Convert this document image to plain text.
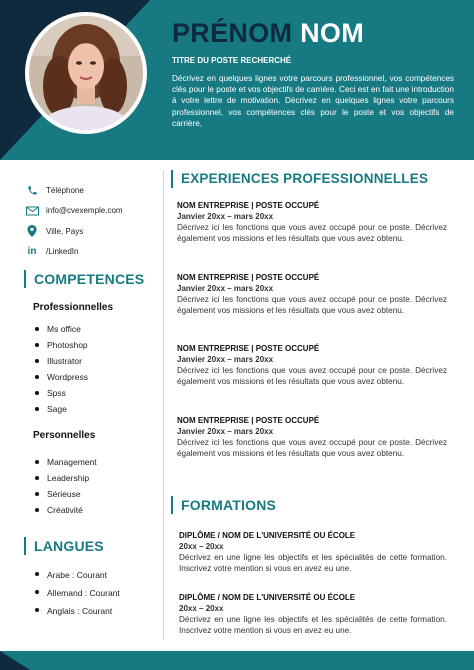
PRÉNOM NOM
TITRE DU POSTE RECHERCHÉ
Décrivez en quelques lignes votre parcours professionnel, vos compétences clés pour le poste et vos objectifs de carrière. Ceci est en fait une introduction à votre lettre de motivation. Décrivez en quelques lignes votre parcours professionnel, vos compétences clés pour le poste et vos objectifs de carrière,
Téléphone
info@cvexemple.com
Ville, Pays
in /LinkedIn
COMPETENCES
Professionnelles
Ms office
Photoshop
Illustrator
Wordpress
Spss
Sage
Personnelles
Management
Leadership
Sérieuse
Créativité
LANGUES
Arabe : Courant
Allemand : Courant
Anglais : Courant
EXPERIENCES PROFESSIONNELLES
NOM ENTREPRISE | POSTE OCCUPÉ
Janvier 20xx – mars 20xx
Décrivez ici les fonctions que vous avez occupé pour ce poste. Décrivez également vos missions et les résultats que vous avez obtenu.
NOM ENTREPRISE | POSTE OCCUPÉ
Janvier 20xx – mars 20xx
Décrivez ici les fonctions que vous avez occupé pour ce poste. Décrivez également vos missions et les résultats que vous avez obtenu.
NOM ENTREPRISE | POSTE OCCUPÉ
Janvier 20xx – mars 20xx
Décrivez ici les fonctions que vous avez occupé pour ce poste. Décrivez également vos missions et les résultats que vous avez obtenu.
NOM ENTREPRISE | POSTE OCCUPÉ
Janvier 20xx – mars 20xx
Décrivez ici les fonctions que vous avez occupé pour ce poste. Décrivez également vos missions et les résultats que vous avez obtenu.
FORMATIONS
DIPLÔME / NOM DE L'UNIVERSITÉ OU ÉCOLE
20xx – 20xx
Décrivez en une ligne les objectifs et les spécialités de cette formation. Inscrivez votre mention si vous en avez eu une.
DIPLÔME / NOM DE L'UNIVERSITÉ OU ÉCOLE
20xx – 20xx
Décrivez en une ligne les objectifs et les spécialités de cette formation. Inscrivez votre mention si vous en avez eu une.
